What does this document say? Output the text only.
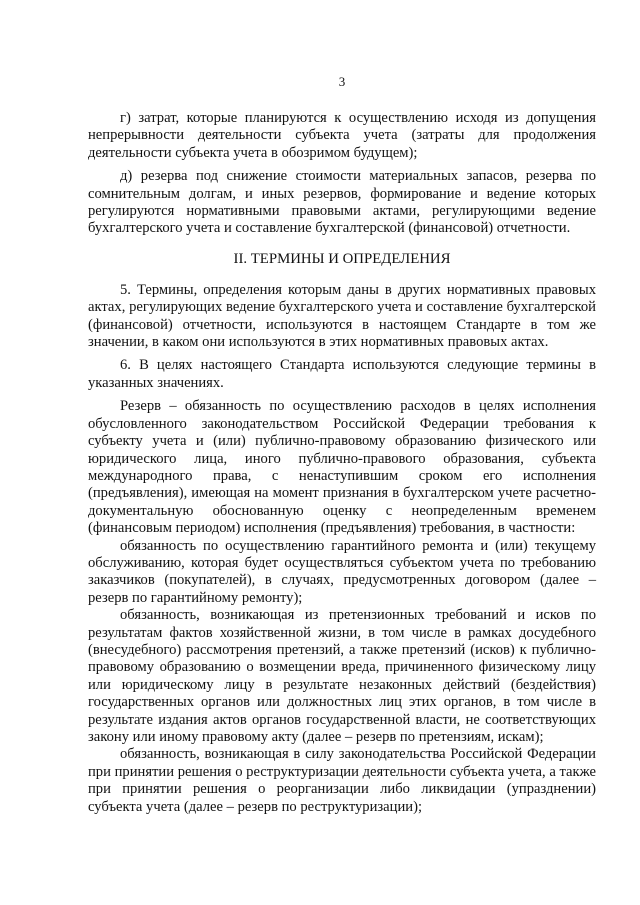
3

г) затрат, которые планируются к осуществлению исходя из допущения непрерывности деятельности субъекта учета (затраты для продолжения деятельности субъекта учета в обозримом будущем);

д) резерва под снижение стоимости материальных запасов, резерва по сомнительным долгам, и иных резервов, формирование и ведение которых регулируются нормативными правовыми актами, регулирующими ведение бухгалтерского учета и составление бухгалтерской (финансовой) отчетности.

II. ТЕРМИНЫ И ОПРЕДЕЛЕНИЯ

5. Термины, определения которым даны в других нормативных правовых актах, регулирующих ведение бухгалтерского учета и составление бухгалтерской (финансовой) отчетности, используются в настоящем Стандарте в том же значении, в каком они используются в этих нормативных правовых актах.

6. В целях настоящего Стандарта используются следующие термины в указанных значениях.

Резерв – обязанность по осуществлению расходов в целях исполнения обусловленного законодательством Российской Федерации требования к субъекту учета и (или) публично-правовому образованию физического или юридического лица, иного публично-правового образования, субъекта международного права, с ненаступившим сроком его исполнения (предъявления), имеющая на момент признания в бухгалтерском учете расчетно-документальную обоснованную оценку с неопределенным временем (финансовым периодом) исполнения (предъявления) требования, в частности:

обязанность по осуществлению гарантийного ремонта и (или) текущему обслуживанию, которая будет осуществляться субъектом учета по требованию заказчиков (покупателей), в случаях, предусмотренных договором (далее – резерв по гарантийному ремонту);

обязанность, возникающая из претензионных требований и исков по результатам фактов хозяйственной жизни, в том числе в рамках досудебного (внесудебного) рассмотрения претензий, а также претензий (исков) к публично-правовому образованию о возмещении вреда, причиненного физическому лицу или юридическому лицу в результате незаконных действий (бездействия) государственных органов или должностных лиц этих органов, в том числе в результате издания актов органов государственной власти, не соответствующих закону или иному правовому акту (далее – резерв по претензиям, искам);

обязанность, возникающая в силу законодательства Российской Федерации при принятии решения о реструктуризации деятельности субъекта учета, а также при принятии решения о реорганизации либо ликвидации (упразднении) субъекта учета (далее – резерв по реструктуризации);
